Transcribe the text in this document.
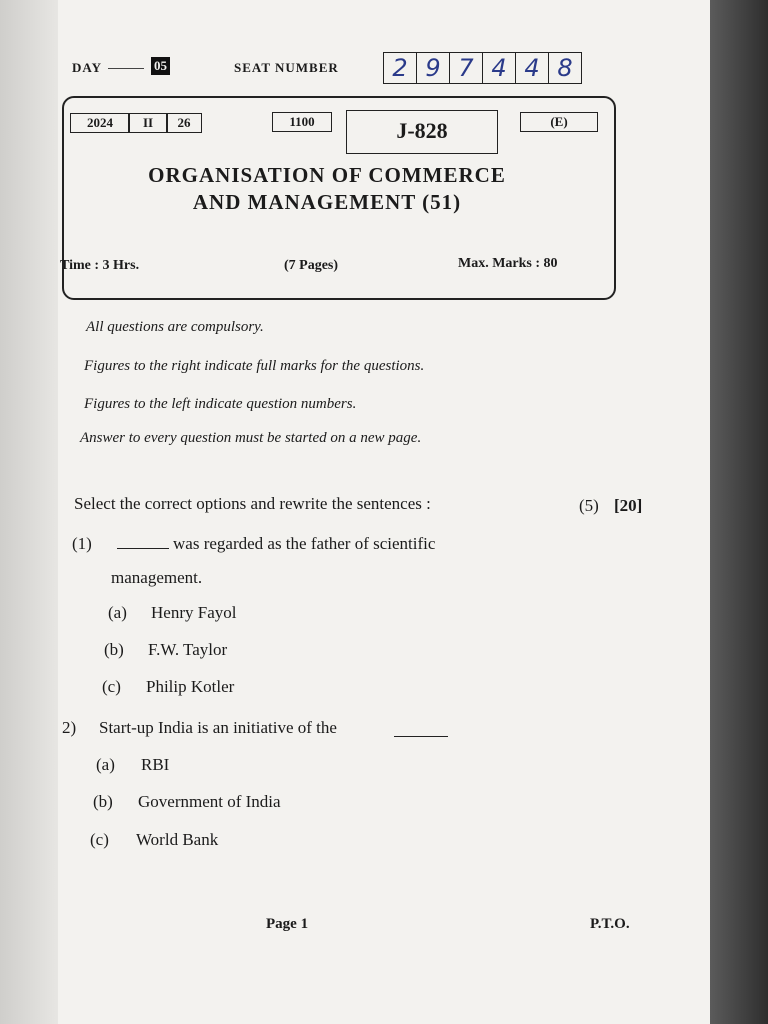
DAY	05	SEAT NUMBER	2 9 7 4 4 8
2024	II	26	1100	J-828	(E)
ORGANISATION OF COMMERCE
AND MANAGEMENT (51)
Time : 3 Hrs.	(7 Pages)	Max. Marks : 80
All questions are compulsory.
Figures to the right indicate full marks for the questions.
Figures to the left indicate question numbers.
Answer to every question must be started on a new page.
Select the correct options and rewrite the sentences :	(5) [20]
(1)	was regarded as the father of scientific
management.
(a) Henry Fayol
(b) F.W. Taylor
(c) Philip Kotler
2) Start-up India is an initiative of the
(a) RBI
(b) Government of India
(c) World Bank
Page 1	P.T.O.
